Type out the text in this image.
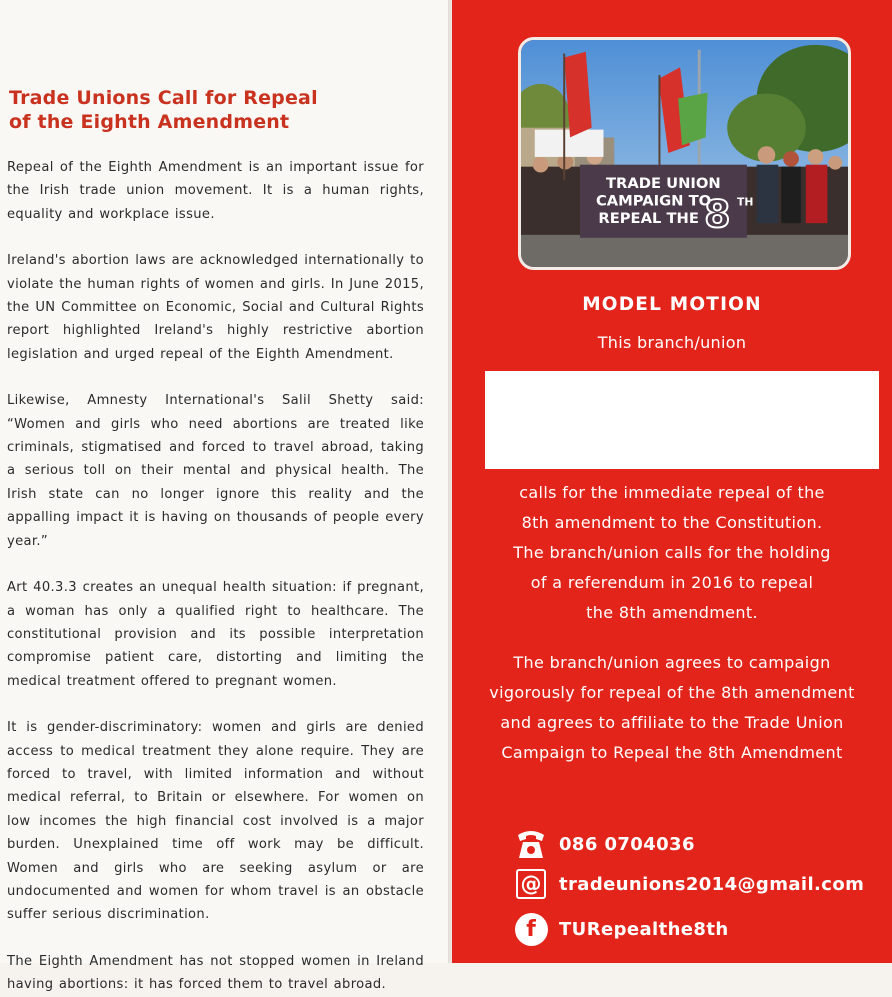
Trade Unions Call for Repeal
of the Eighth Amendment

Repeal of the Eighth Amendment is an important issue for the Irish trade union movement. It is a human rights, equality and workplace issue.

Ireland's abortion laws are acknowledged internationally to violate the human rights of women and girls. In June 2015, the UN Committee on Economic, Social and Cultural Rights report highlighted Ireland's highly restrictive abortion legislation and urged repeal of the Eighth Amendment.

Likewise, Amnesty International's Salil Shetty said: “Women and girls who need abortions are treated like criminals, stigmatised and forced to travel abroad, taking a serious toll on their mental and physical health. The Irish state can no longer ignore this reality and the appalling impact it is having on thousands of people every year.”

Art 40.3.3 creates an unequal health situation: if pregnant, a woman has only a qualified right to healthcare. The constitutional provision and its possible interpretation compromise patient care, distorting and limiting the medical treatment offered to pregnant women.

It is gender-discriminatory: women and girls are denied access to medical treatment they alone require. They are forced to travel, with limited information and without medical referral, to Britain or elsewhere. For women on low incomes the high financial cost involved is a major burden. Unexplained time off work may be difficult. Women and girls who are seeking asylum or are undocumented and women for whom travel is an obstacle suffer serious discrimination.

The Eighth Amendment has not stopped women in Ireland having abortions: it has forced them to travel abroad.

TRADE UNION
CAMPAIGN TO
REPEAL THE 8 TH
MODEL MOTION
This branch/union
calls for the immediate repeal of the
8th amendment to the Constitution.
The branch/union calls for the holding
of a referendum in 2016 to repeal
the 8th amendment.
The branch/union agrees to campaign
vigorously for repeal of the 8th amendment
and agrees to affiliate to the Trade Union
Campaign to Repeal the 8th Amendment
086 0704036
@ tradeunions2014@gmail.com
f	TURepealthe8th
